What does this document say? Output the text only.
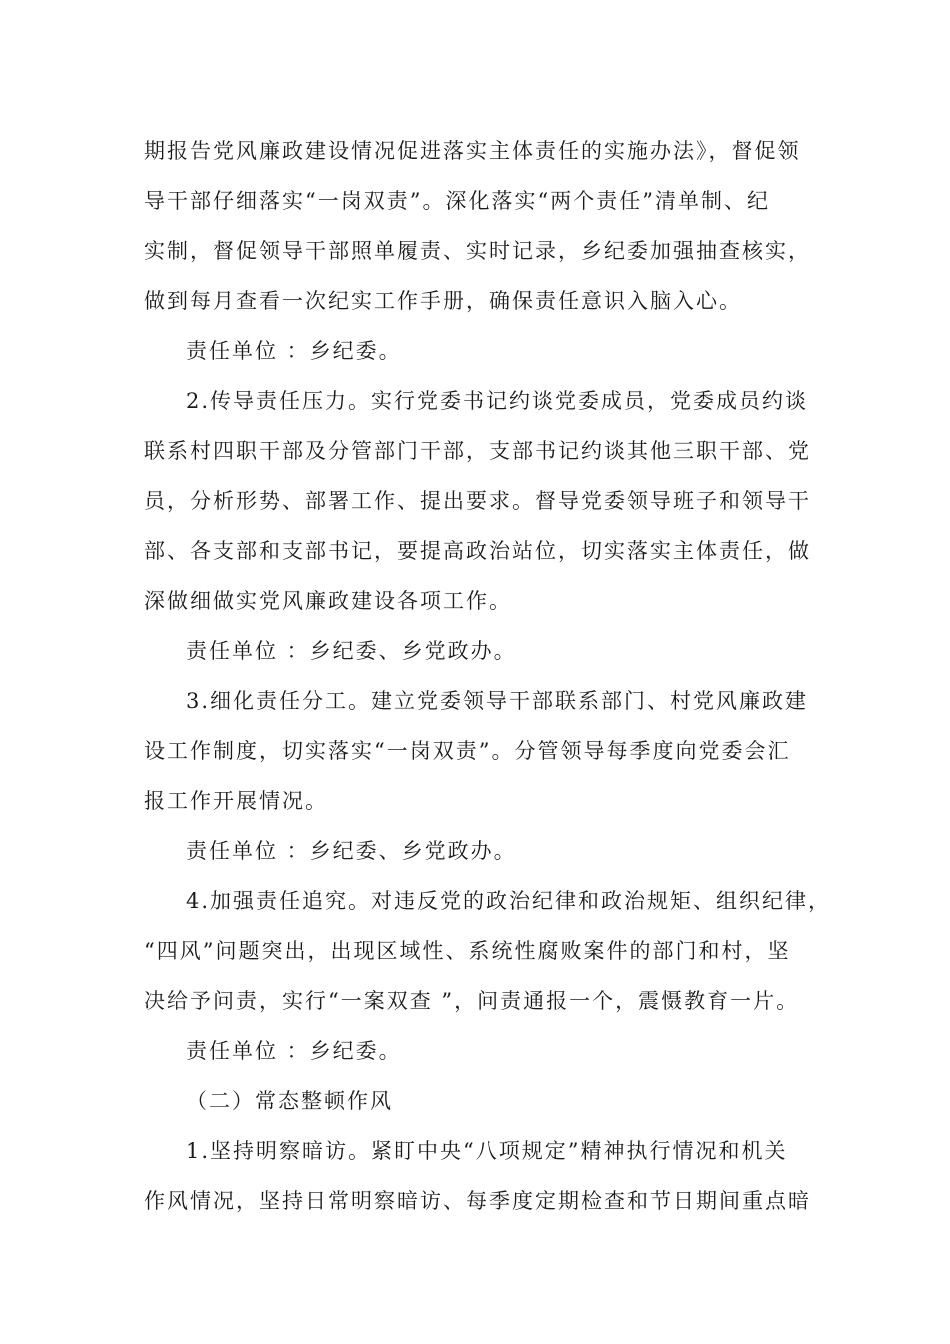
期报告党风廉政建设情况促进落实主体责任的实施办法》，督促领
导干部仔细落实“一岗双责”。深化落实“两个责任”清单制、纪
实制，督促领导干部照单履责、实时记录，乡纪委加强抽查核实，
做到每月查看一次纪实工作手册，确保责任意识入脑入心。
责任单位 ：乡纪委。
2.传导责任压力。实行党委书记约谈党委成员，党委成员约谈
联系村四职干部及分管部门干部，支部书记约谈其他三职干部、党
员，分析形势、部署工作、提出要求。督导党委领导班子和领导干
部、各支部和支部书记，要提高政治站位，切实落实主体责任，做
深做细做实党风廉政建设各项工作。
责任单位 ：乡纪委、乡党政办。
3.细化责任分工。建立党委领导干部联系部门、村党风廉政建
设工作制度，切实落实“一岗双责”。分管领导每季度向党委会汇
报工作开展情况。
责任单位 ：乡纪委、乡党政办。
4.加强责任追究。对违反党的政治纪律和政治规矩、组织纪律，
“四风”问题突出，出现区域性、系统性腐败案件的部门和村，坚
决给予问责，实行“一案双查 ”，问责通报一个，震慑教育一片。
责任单位 ：乡纪委。
（二）常态整顿作风
1.坚持明察暗访。紧盯中央“八项规定”精神执行情况和机关
作风情况，坚持日常明察暗访、每季度定期检查和节日期间重点暗
